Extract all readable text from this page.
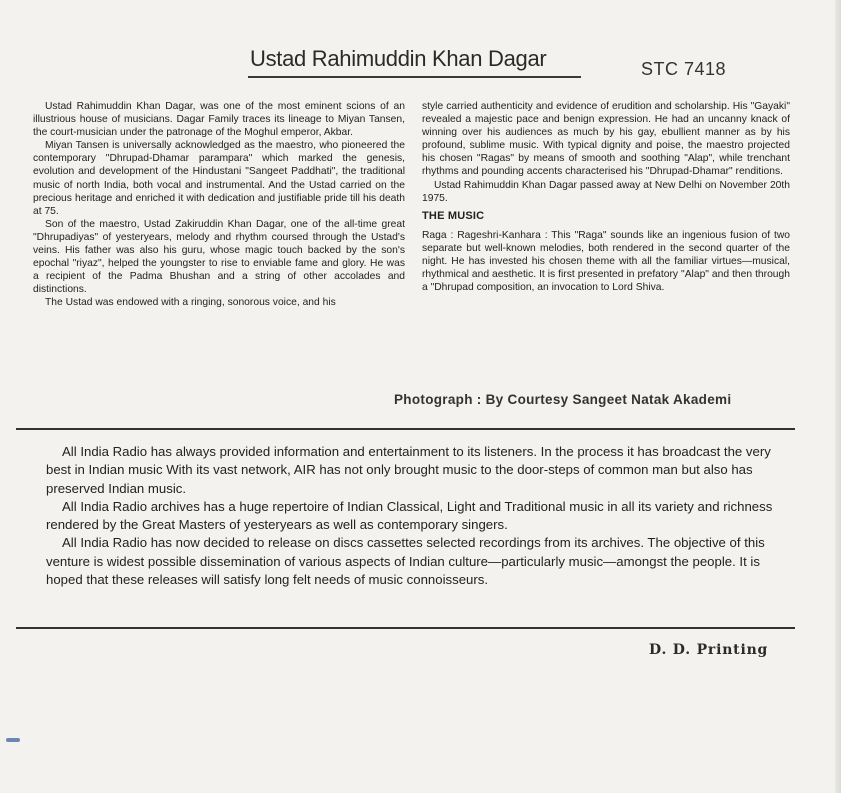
Ustad Rahimuddin Khan Dagar	STC 7418

Ustad Rahimuddin Khan Dagar, was one of the most eminent scions of an illustrious house of musicians. Dagar Family traces its lineage to Miyan Tansen, the court-musician under the patronage of the Moghul emperor, Akbar.

Miyan Tansen is universally acknowledged as the maestro, who pioneered the contemporary "Dhrupad-Dhamar parampara" which marked the genesis, evolution and development of the Hindustani "Sangeet Paddhati", the traditional music of north India, both vocal and instrumental. And the Ustad carried on the precious heritage and enriched it with dedication and justifiable pride till his death at 75.

Son of the maestro, Ustad Zakiruddin Khan Dagar, one of the all-time great "Dhrupadiyas" of yesteryears, melody and rhythm coursed through the Ustad's veins. His father was also his guru, whose magic touch backed by the son's epochal "riyaz", helped the youngster to rise to enviable fame and glory. He was a recipient of the Padma Bhushan and a string of other accolades and distinctions.

The Ustad was endowed with a ringing, sonorous voice, and his

style carried authenticity and evidence of erudition and scholarship. His "Gayaki" revealed a majestic pace and benign expression. He had an uncanny knack of winning over his audiences as much by his gay, ebullient manner as by his profound, sublime music. With typical dignity and poise, the maestro projected his chosen "Ragas" by means of smooth and soothing "Alap", while trenchant rhythms and pounding accents characterised his "Dhrupad-Dhamar" renditions.

Ustad Rahimuddin Khan Dagar passed away at New Delhi on November 20th 1975.

THE MUSIC

Raga : Rageshri-Kanhara : This "Raga" sounds like an ingenious fusion of two separate but well-known melodies, both rendered in the second quarter of the night. He has invested his chosen theme with all the familiar virtues—musical, rhythmical and aesthetic. It is first presented in prefatory "Alap" and then through a "Dhrupad composition, an invocation to Lord Shiva.

Photograph : By Courtesy Sangeet Natak Akademi

All India Radio has always provided information and entertainment to its listeners. In the process it has broadcast the very best in Indian music With its vast network, AIR has not only brought music to the door-steps of common man but also has preserved Indian music.

All India Radio archives has a huge repertoire of Indian Classical, Light and Traditional music in all its variety and richness rendered by the Great Masters of yesteryears as well as contemporary singers.

All India Radio has now decided to release on discs cassettes selected recordings from its archives. The objective of this venture is widest possible dissemination of various aspects of Indian culture—particularly music—amongst the people. It is hoped that these releases will satisfy long felt needs of music connoisseurs.

D. D. Printing
